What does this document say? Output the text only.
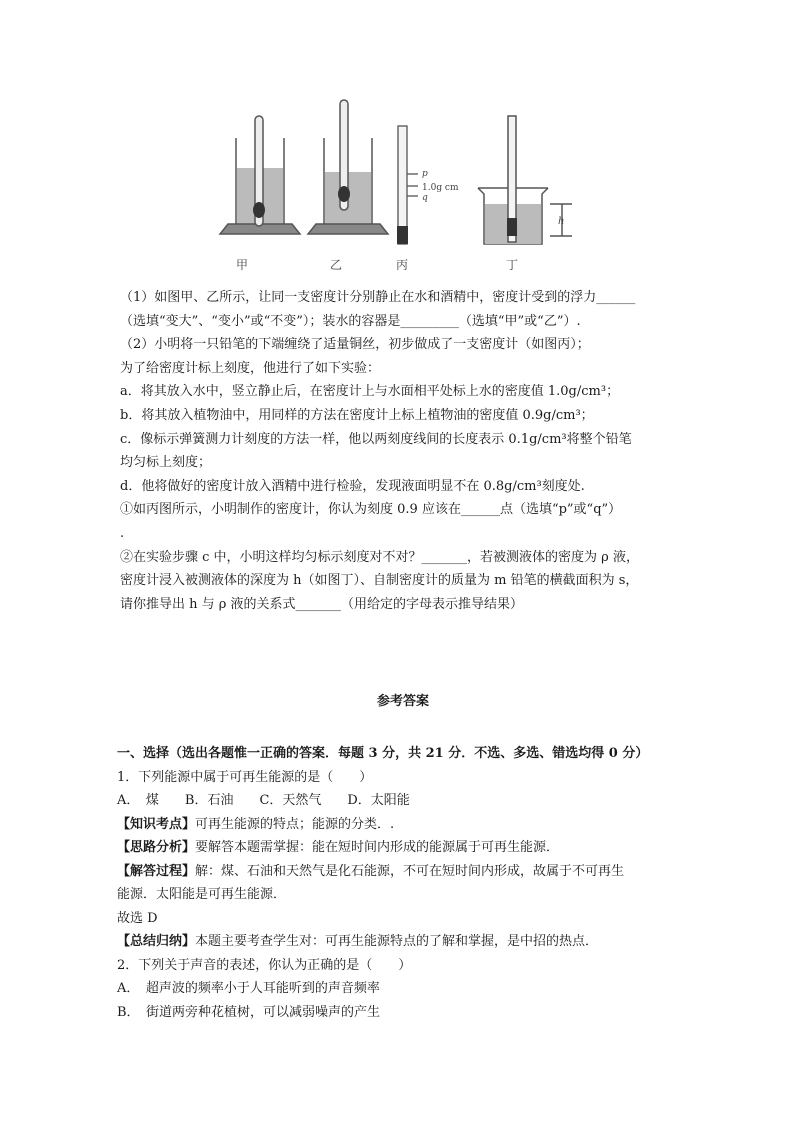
p
1.0g cm
q
h
甲	乙	丙	丁
（1）如图甲、乙所示，让同一支密度计分别静止在水和酒精中，密度计受到的浮力______
（选填“变大”、“变小”或“不变”）；装水的容器是_________（选填“甲”或“乙”）.
（2）小明将一只铅笔的下端缠绕了适量铜丝，初步做成了一支密度计（如图丙）；
为了给密度计标上刻度，他进行了如下实验：
a．将其放入水中，竖立静止后，在密度计上与水面相平处标上水的密度值 1.0g/cm³；
b．将其放入植物油中，用同样的方法在密度计上标上植物油的密度值 0.9g/cm³；
c．像标示弹簧测力计刻度的方法一样，他以两刻度线间的长度表示 0.1g/cm³将整个铅笔
均匀标上刻度；
d．他将做好的密度计放入酒精中进行检验，发现液面明显不在 0.8g/cm³刻度处.
①如丙图所示，小明制作的密度计，你认为刻度 0.9 应该在______点（选填“p”或“q”）
.
②在实验步骤 c 中，小明这样均匀标示刻度对不对？_______，若被测液体的密度为 ρ 液，
密度计浸入被测液体的深度为 h（如图丁）、自制密度计的质量为 m 铅笔的横截面积为 s，
请你推导出 h 与 ρ 液的关系式_______（用给定的字母表示推导结果）
参考答案
一、选择（选出各题惟一正确的答案．每题 3 分，共 21 分．不选、多选、错选均得 0 分）
1．下列能源中属于可再生能源的是（　　）
A．　煤　　B．石油　　C．天然气　　D．太阳能
【知识考点】可再生能源的特点；能源的分类．.
【思路分析】要解答本题需掌握：能在短时间内形成的能源属于可再生能源．
【解答过程】解：煤、石油和天然气是化石能源，不可在短时间内形成，故属于不可再生
能源．太阳能是可再生能源．
故选 D
【总结归纳】本题主要考查学生对：可再生能源特点的了解和掌握，是中招的热点．
2．下列关于声音的表述，你认为正确的是（　　）
A．　超声波的频率小于人耳能听到的声音频率
B．　街道两旁种花植树，可以减弱噪声的产生
